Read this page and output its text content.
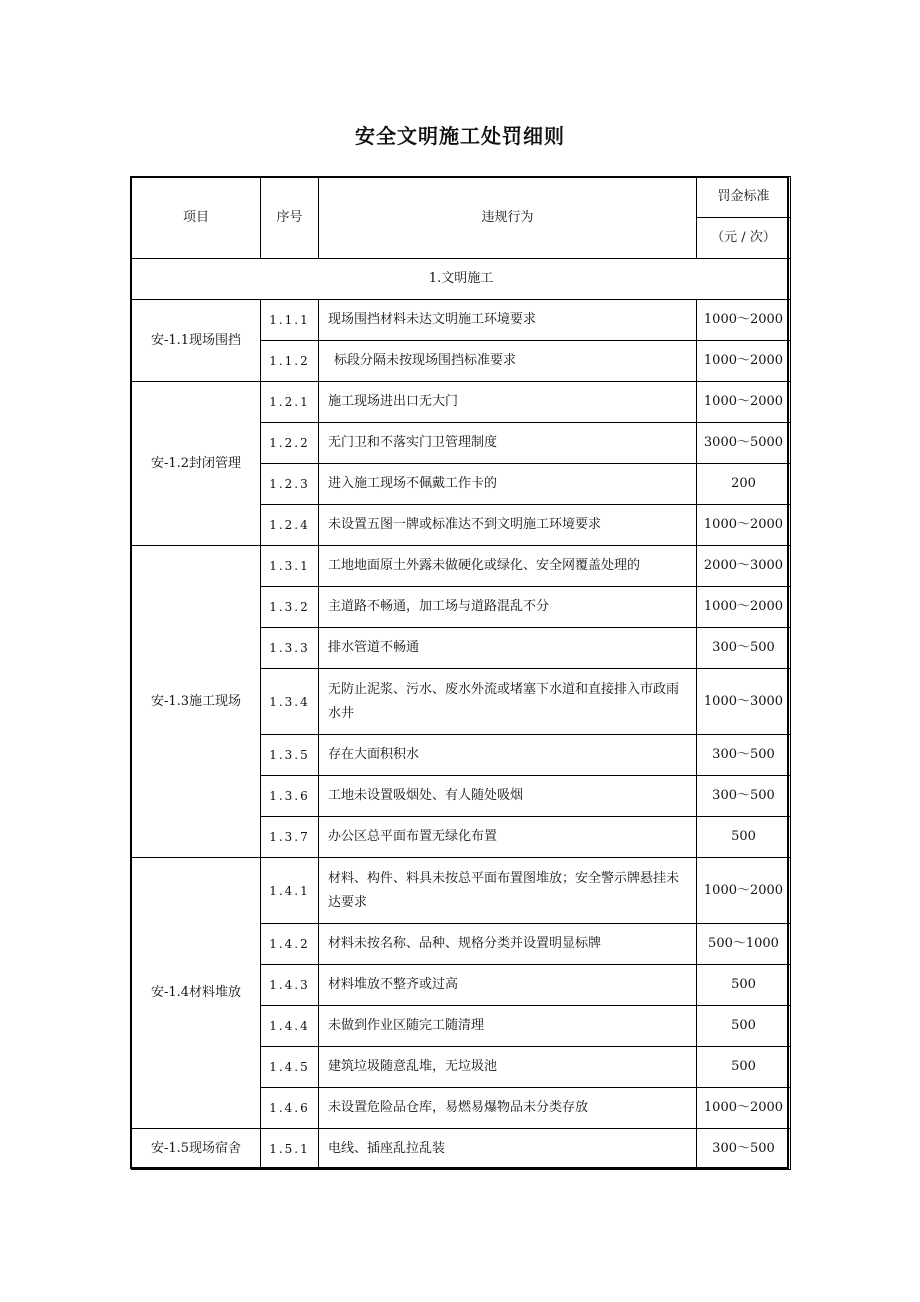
安全文明施工处罚细则
项目	序号	违规行为	罚金标准
			（元 / 次）
1.文明施工			
安-1.1现场围挡	1.1.1	现场围挡材料未达文明施工环境要求	1000～2000
	1.1.2	标段分隔未按现场围挡标准要求	1000～2000
安-1.2封闭管理	1.2.1	施工现场进出口无大门	1000～2000
	1.2.2	无门卫和不落实门卫管理制度	3000～5000
	1.2.3	进入施工现场不佩戴工作卡的	200
	1.2.4	未设置五图一牌或标准达不到文明施工环境要求	1000～2000
安-1.3施工现场	1.3.1	工地地面原土外露未做硬化或绿化、安全网覆盖处理的	2000～3000
	1.3.2	主道路不畅通，加工场与道路混乱不分	1000～2000
	1.3.3	排水管道不畅通	300～500
	1.3.4	无防止泥浆、污水、废水外流或堵塞下水道和直接排入市政雨水井	1000～3000
	1.3.5	存在大面积积水	300～500
	1.3.6	工地未设置吸烟处、有人随处吸烟	300～500
	1.3.7	办公区总平面布置无绿化布置	500
安-1.4材料堆放	1.4.1	材料、构件、料具未按总平面布置图堆放；安全警示牌悬挂未达要求	1000～2000
	1.4.2	材料未按名称、品种、规格分类并设置明显标牌	500～1000
	1.4.3	材料堆放不整齐或过高	500
	1.4.4	未做到作业区随完工随清理	500
	1.4.5	建筑垃圾随意乱堆，无垃圾池	500
	1.4.6	未设置危险品仓库，易燃易爆物品未分类存放	1000～2000
安-1.5现场宿舍	1.5.1	电线、插座乱拉乱装	300～500
